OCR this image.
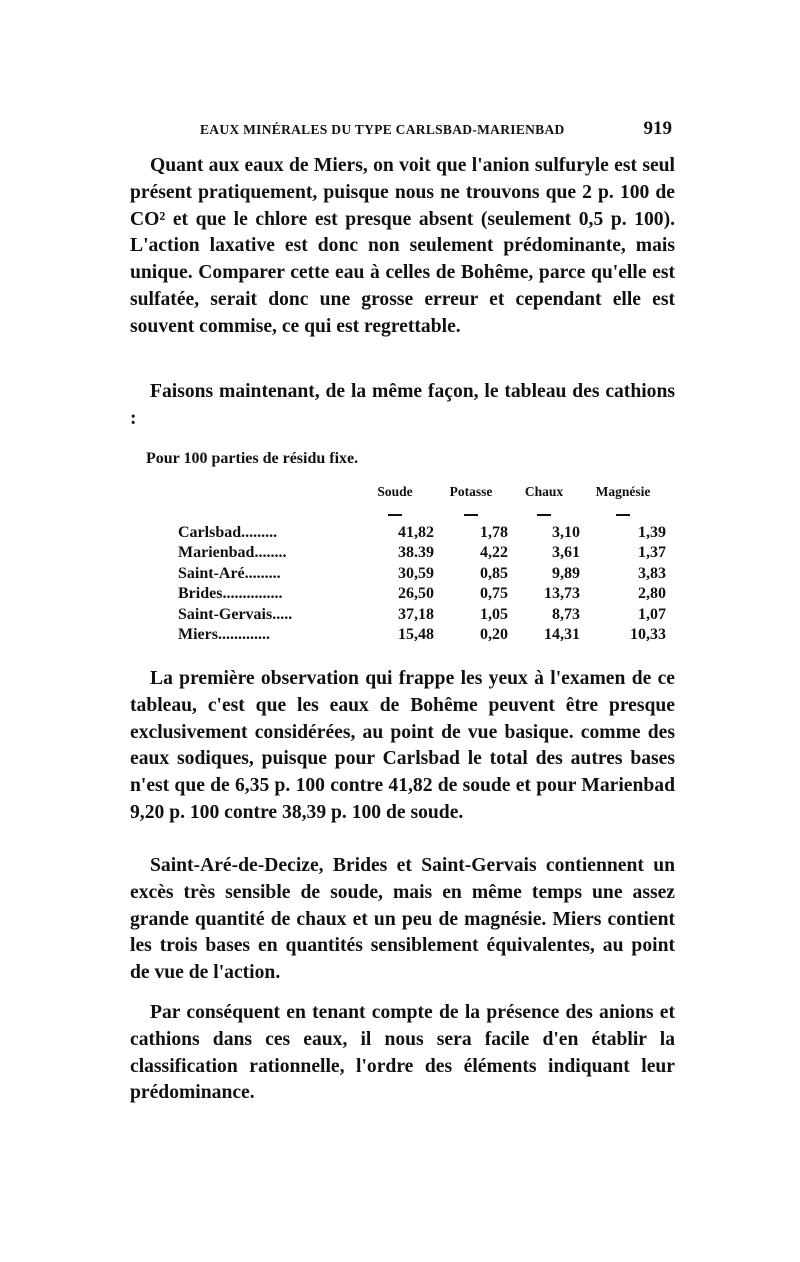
EAUX MINÉRALES DU TYPE CARLSBAD-MARIENBAD	919

Quant aux eaux de Miers, on voit que l'anion sulfuryle est seul présent pratiquement, puisque nous ne trouvons que 2 p. 100 de CO² et que le chlore est presque absent (seulement 0,5 p. 100). L'action laxative est donc non seulement prédominante, mais unique. Comparer cette eau à celles de Bohême, parce qu'elle est sulfatée, serait donc une grosse erreur et cependant elle est souvent commise, ce qui est regrettable.

Faisons maintenant, de la même façon, le tableau des cathions :

Pour 100 parties de résidu fixe.
	Soude	Potasse	Chaux	Magnésie

Carlsbad.........	41,82	1,78	3,10	1,39
Marienbad........	38.39	4,22	3,61	1,37
Saint-Aré.........	30,59	0,85	9,89	3,83
Brides...............	26,50	0,75	13,73	2,80
Saint-Gervais.....	37,18	1,05	8,73	1,07
Miers.............	15,48	0,20	14,31	10,33

La première observation qui frappe les yeux à l'examen de ce tableau, c'est que les eaux de Bohême peuvent être presque exclusivement considérées, au point de vue basique. comme des eaux sodiques, puisque pour Carlsbad le total des autres bases n'est que de 6,35 p. 100 contre 41,82 de soude et pour Marienbad 9,20 p. 100 contre 38,39 p. 100 de soude.

Saint-Aré-de-Decize, Brides et Saint-Gervais contiennent un excès très sensible de soude, mais en même temps une assez grande quantité de chaux et un peu de magnésie. Miers contient les trois bases en quantités sensiblement équivalentes, au point de vue de l'action.

Par conséquent en tenant compte de la présence des anions et cathions dans ces eaux, il nous sera facile d'en établir la classification rationnelle, l'ordre des éléments indiquant leur prédominance.
